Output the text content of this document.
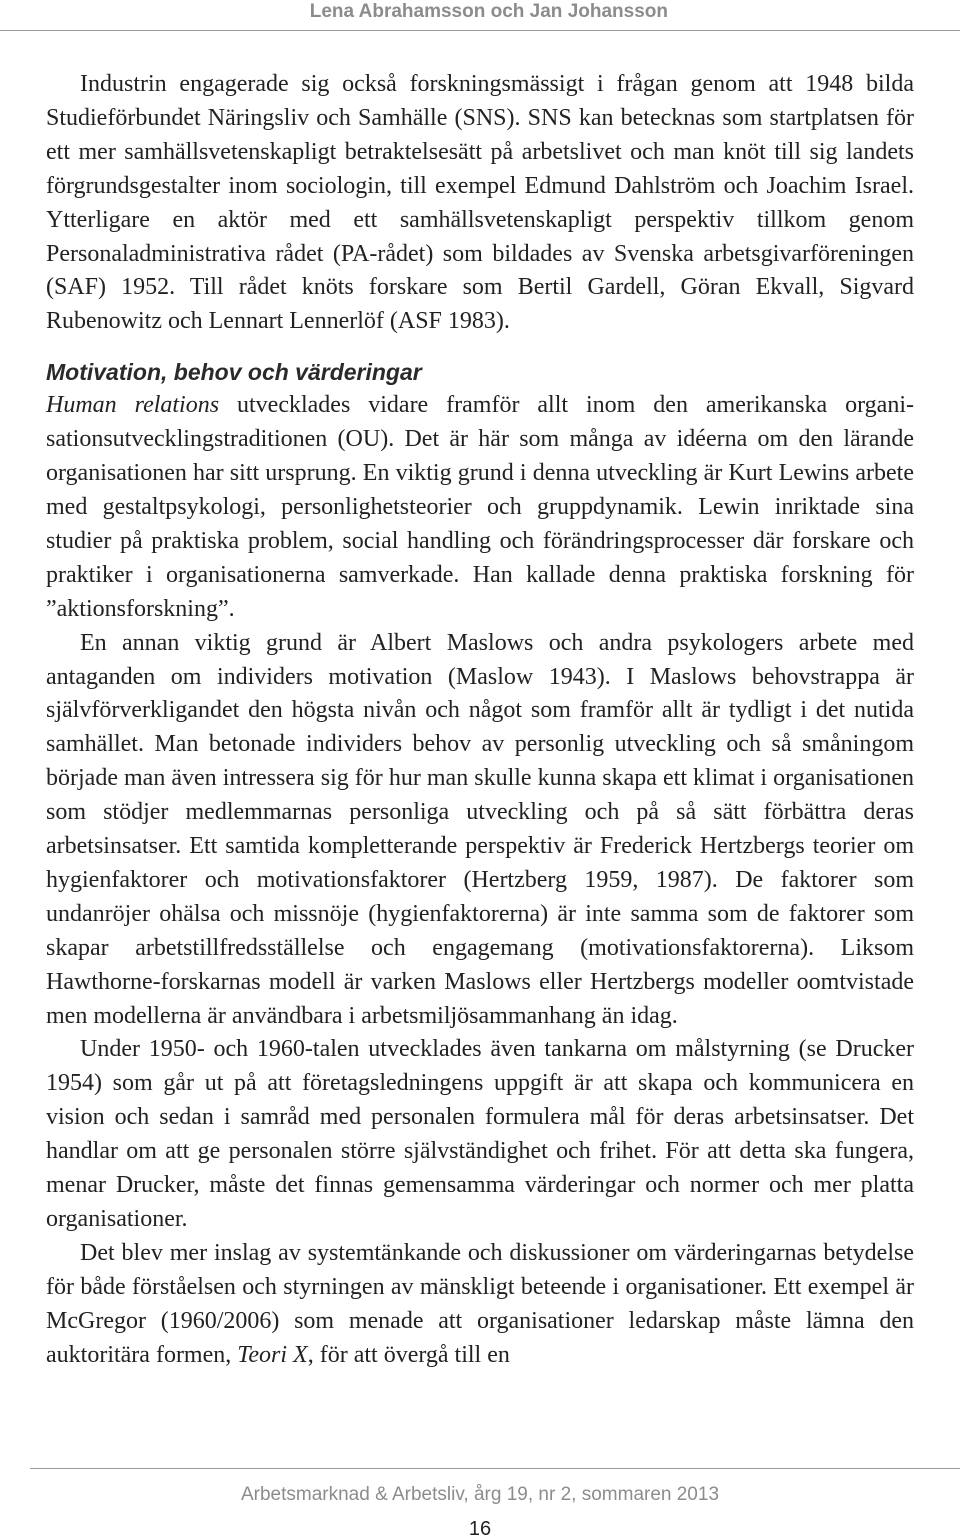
Lena Abrahamsson och Jan Johansson

Industrin engagerade sig också forskningsmässigt i frågan genom att 1948 bilda Studieförbundet Näringsliv och Samhälle (SNS). SNS kan betecknas som startplatsen för ett mer samhällsvetenskapligt betraktelsesätt på arbetslivet och man knöt till sig landets förgrundsgestalter inom sociologin, till exempel Edmund Dahlström och Joachim Israel. Ytterligare en aktör med ett samhällsvetenskapligt perspektiv tillkom genom Personaladministrativa rådet (PA-rådet) som bildades av Svenska arbetsgivarföreningen (SAF) 1952. Till rådet knöts forskare som Bertil Gardell, Göran Ekvall, Sigvard Rubenowitz och Lennart Lennerlöf (ASF 1983).

Motivation, behov och värderingar

Human relations utvecklades vidare framför allt inom den amerikanska organisationsutvecklingstraditionen (OU). Det är här som många av idéerna om den lärande organisationen har sitt ursprung. En viktig grund i denna utveckling är Kurt Lewins arbete med gestaltpsykologi, personlighetsteorier och gruppdynamik. Lewin inriktade sina studier på praktiska problem, social handling och förändringsprocesser där forskare och praktiker i organisationerna samverkade. Han kallade denna praktiska forskning för ”aktionsforskning”.

En annan viktig grund är Albert Maslows och andra psykologers arbete med antaganden om individers motivation (Maslow 1943). I Maslows behovstrappa är självförverkligandet den högsta nivån och något som framför allt är tydligt i det nutida samhället. Man betonade individers behov av personlig utveckling och så småningom började man även intressera sig för hur man skulle kunna skapa ett klimat i organisationen som stödjer medlemmarnas personliga utveckling och på så sätt förbättra deras arbetsinsatser. Ett samtida kompletterande perspektiv är Frederick Hertzbergs teorier om hygienfaktorer och motivationsfaktorer (Hertzberg 1959, 1987). De faktorer som undanröjer ohälsa och missnöje (hygienfaktorerna) är inte samma som de faktorer som skapar arbetstillfredsställelse och engagemang (motivationsfaktorerna). Liksom Hawthorne-forskarnas modell är varken Maslows eller Hertzbergs modeller oomtvistade men modellerna är användbara i arbetsmiljösammanhang än idag.

Under 1950- och 1960-talen utvecklades även tankarna om målstyrning (se Drucker 1954) som går ut på att företagsledningens uppgift är att skapa och kommunicera en vision och sedan i samråd med personalen formulera mål för deras arbetsinsatser. Det handlar om att ge personalen större självständighet och frihet. För att detta ska fungera, menar Drucker, måste det finnas gemensamma värderingar och normer och mer platta organisationer.

Det blev mer inslag av systemtänkande och diskussioner om värderingarnas betydelse för både förståelsen och styrningen av mänskligt beteende i organisationer. Ett exempel är McGregor (1960/2006) som menade att organisationer ledarskap måste lämna den auktoritära formen, Teori X, för att övergå till en

Arbetsmarknad & Arbetsliv, årg 19, nr 2, sommaren 2013
16
